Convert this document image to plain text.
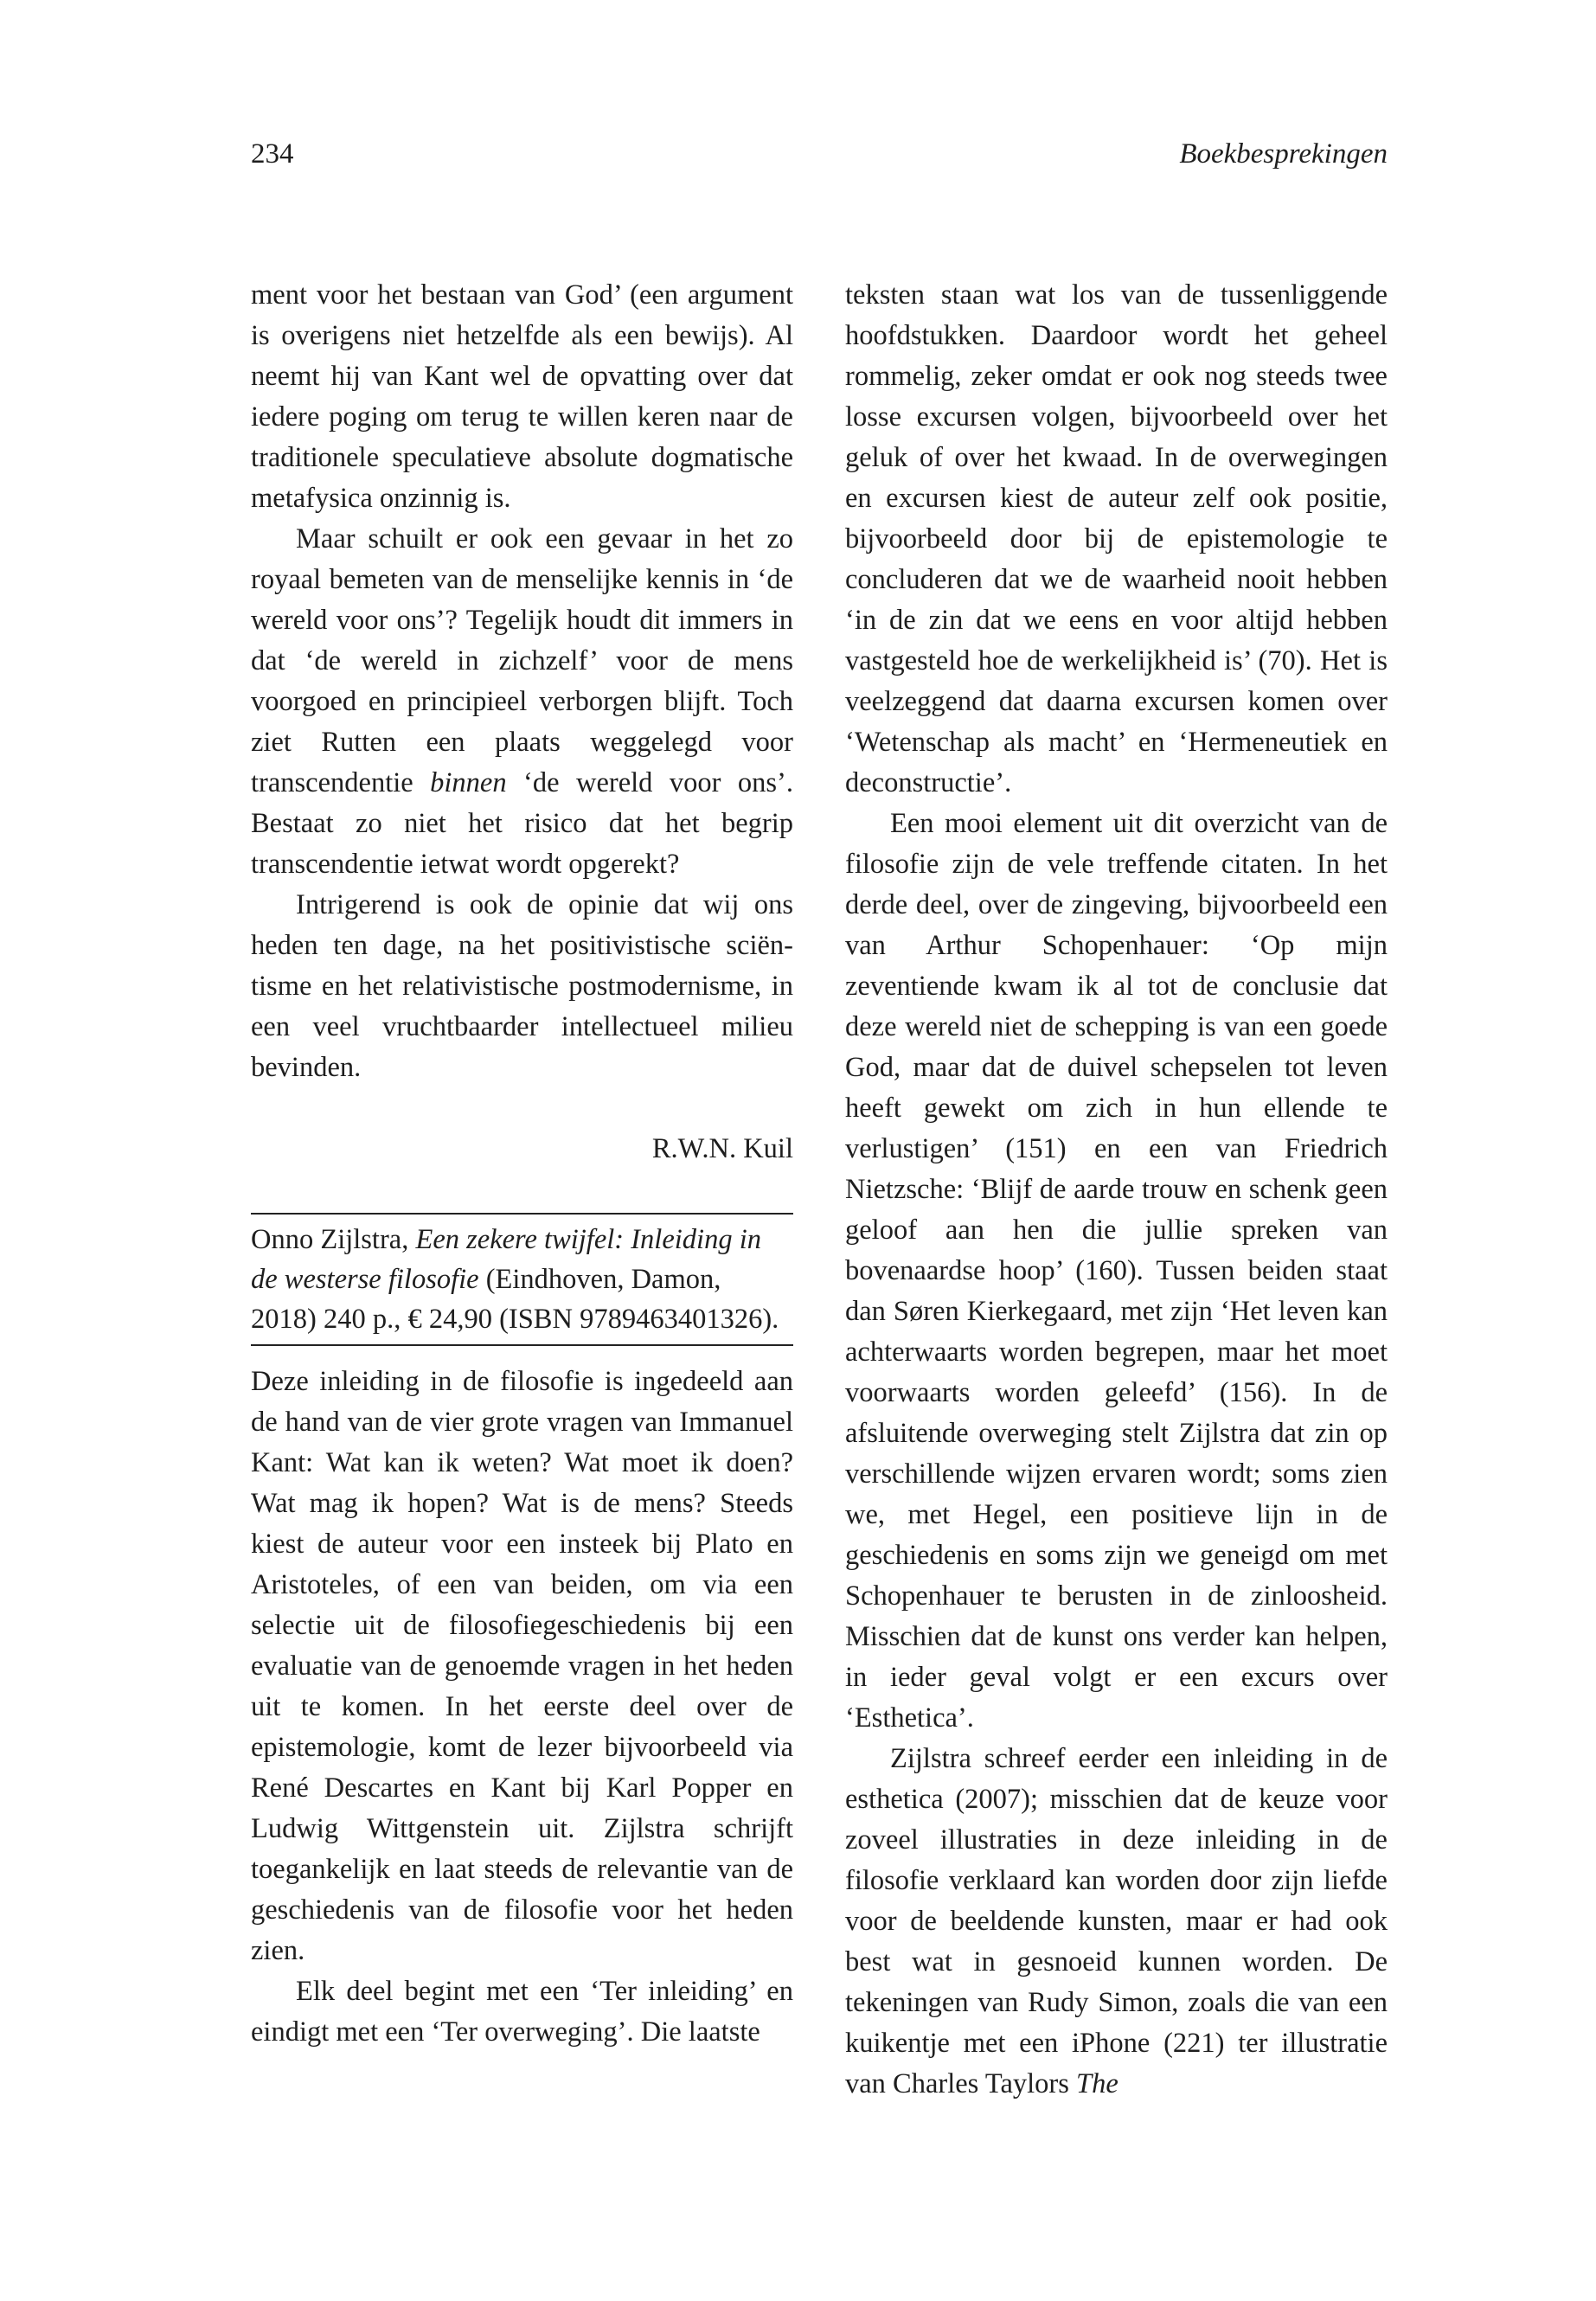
234	Boekbesprekingen

ment voor het bestaan van God’ (een argument is overigens niet hetzelfde als een bewijs). Al neemt hij van Kant wel de opvatting over dat iedere poging om terug te willen keren naar de traditionele speculatieve absolute dogmatische metafysica onzinnig is.

Maar schuilt er ook een gevaar in het zo royaal bemeten van de menselijke kennis in ‘de wereld voor ons’? Tegelijk houdt dit immers in dat ‘de wereld in zichzelf’ voor de mens voorgoed en principieel verborgen blijft. Toch ziet Rutten een plaats weggelegd voor transcendentie binnen ‘de wereld voor ons’. Bestaat zo niet het risico dat het begrip transcendentie ietwat wordt opgerekt?

Intrigerend is ook de opinie dat wij ons heden ten dage, na het positivistische sciëntisme en het relativistische postmodernisme, in een veel vruchtbaarder intellectueel milieu bevinden.

R.W.N. Kuil

Onno Zijlstra, Een zekere twijfel: Inleiding in de westerse filosofie (Eindhoven, Damon, 2018) 240 p., € 24,90 (ISBN 9789463401326).

Deze inleiding in de filosofie is ingedeeld aan de hand van de vier grote vragen van Immanuel Kant: Wat kan ik weten? Wat moet ik doen? Wat mag ik hopen? Wat is de mens? Steeds kiest de auteur voor een insteek bij Plato en Aristoteles, of een van beiden, om via een selectie uit de filosofiegeschiedenis bij een evaluatie van de genoemde vragen in het heden uit te komen. In het eerste deel over de epistemologie, komt de lezer bijvoorbeeld via René Descartes en Kant bij Karl Popper en Ludwig Wittgenstein uit. Zijlstra schrijft toegankelijk en laat steeds de relevantie van de geschiedenis van de filosofie voor het heden zien.

Elk deel begint met een ‘Ter inleiding’ en eindigt met een ‘Ter overweging’. Die laatste

teksten staan wat los van de tussenliggende hoofdstukken. Daardoor wordt het geheel rommelig, zeker omdat er ook nog steeds twee losse excursen volgen, bijvoorbeeld over het geluk of over het kwaad. In de overwegingen en excursen kiest de auteur zelf ook positie, bijvoorbeeld door bij de epistemologie te concluderen dat we de waarheid nooit hebben ‘in de zin dat we eens en voor altijd hebben vastgesteld hoe de werkelijkheid is’ (70). Het is veelzeggend dat daarna excursen komen over ‘Wetenschap als macht’ en ‘Hermeneutiek en deconstructie’.

Een mooi element uit dit overzicht van de filosofie zijn de vele treffende citaten. In het derde deel, over de zingeving, bijvoorbeeld een van Arthur Schopenhauer: ‘Op mijn zeventiende kwam ik al tot de conclusie dat deze wereld niet de schepping is van een goede God, maar dat de duivel schepselen tot leven heeft gewekt om zich in hun ellende te verlustigen’ (151) en een van Friedrich Nietzsche: ‘Blijf de aarde trouw en schenk geen geloof aan hen die jullie spreken van bovenaardse hoop’ (160). Tussen beiden staat dan Søren Kierkegaard, met zijn ‘Het leven kan achterwaarts worden begrepen, maar het moet voorwaarts worden geleefd’ (156). In de afsluitende overweging stelt Zijlstra dat zin op verschillende wijzen ervaren wordt; soms zien we, met Hegel, een positieve lijn in de geschiedenis en soms zijn we geneigd om met Schopenhauer te berusten in de zinloosheid. Misschien dat de kunst ons verder kan helpen, in ieder geval volgt er een excurs over ‘Esthetica’.

Zijlstra schreef eerder een inleiding in de esthetica (2007); misschien dat de keuze voor zoveel illustraties in deze inleiding in de filosofie verklaard kan worden door zijn liefde voor de beeldende kunsten, maar er had ook best wat in gesnoeid kunnen worden. De tekeningen van Rudy Simon, zoals die van een kuikentje met een iPhone (221) ter illustratie van Charles Taylors The
